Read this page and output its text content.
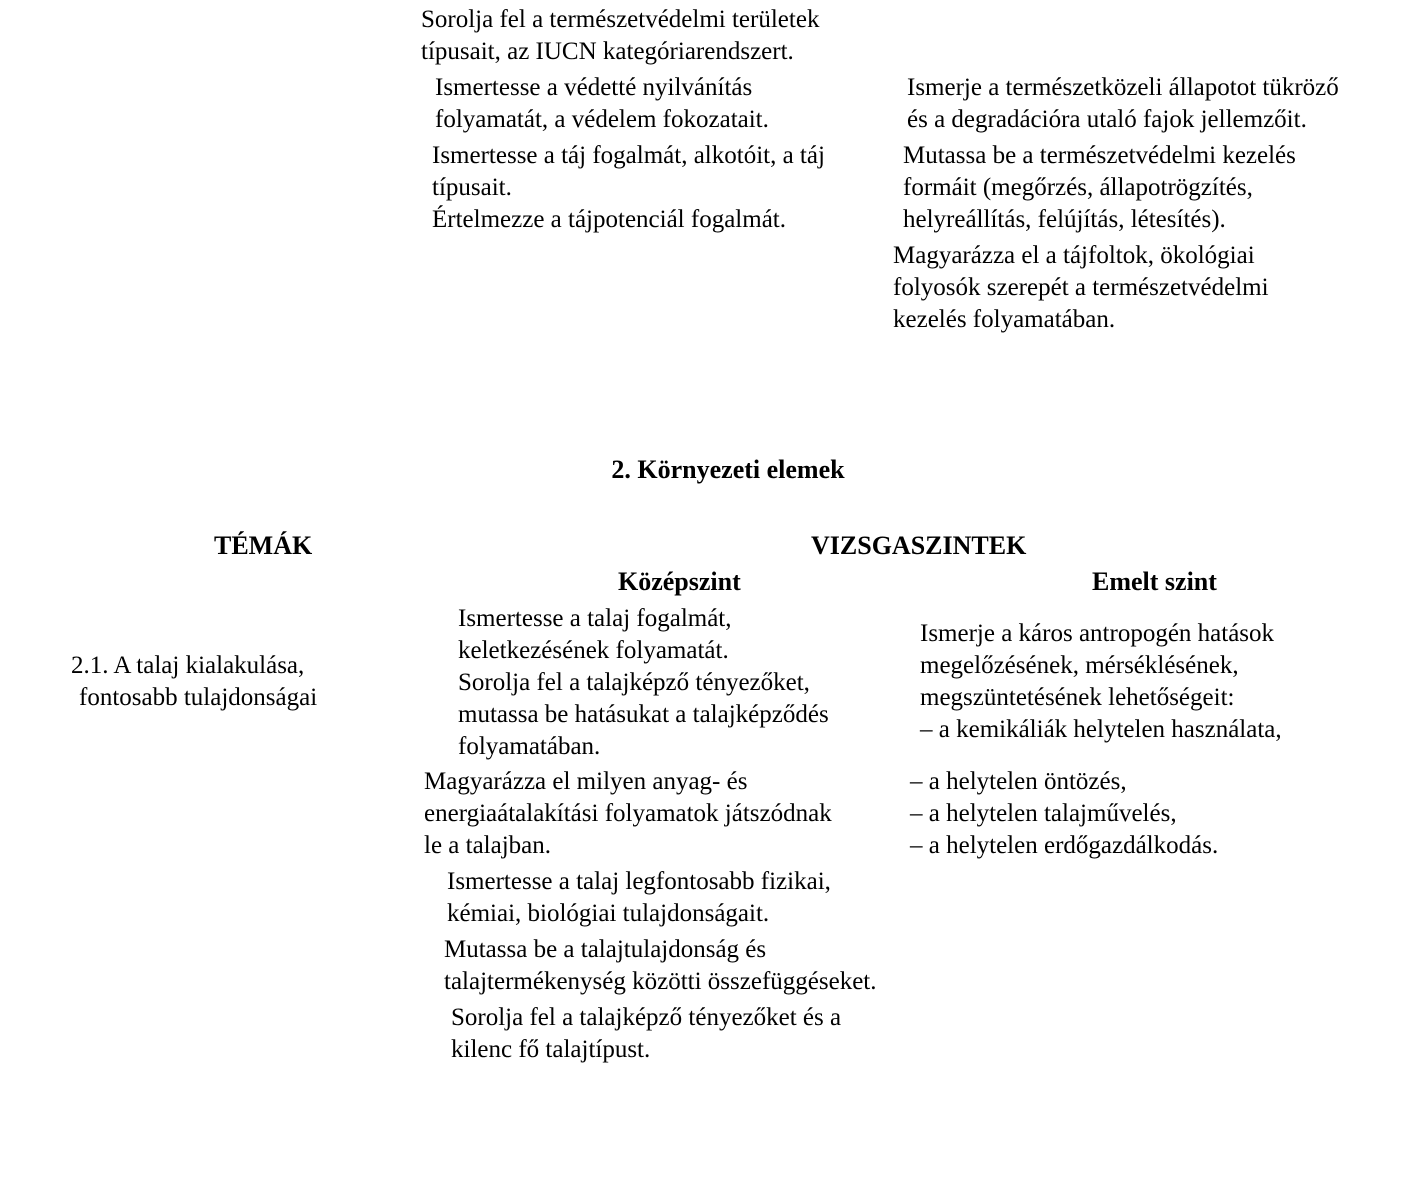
Sorolja fel a természetvédelmi területek
típusait, az IUCN kategóriarendszert.
Ismertesse a védetté nyilvánítás
folyamatát, a védelem fokozatait.
Ismertesse a táj fogalmát, alkotóit, a táj
típusait.
Értelmezze a tájpotenciál fogalmát.
Ismerje a természetközeli állapotot tükröző
és a degradációra utaló fajok jellemzőit.
Mutassa be a természetvédelmi kezelés
formáit (megőrzés, állapotrögzítés,
helyreállítás, felújítás, létesítés).
Magyarázza el a tájfoltok, ökológiai
folyosók szerepét a természetvédelmi
kezelés folyamatában.
2. Környezeti elemek
TÉMÁK	VIZSGASZINTEK
Középszint	Emelt szint
2.1. A talaj kialakulása,
fontosabb tulajdonságai
Ismertesse a talaj fogalmát,
keletkezésének folyamatát.
Sorolja fel a talajképző tényezőket,
mutassa be hatásukat a talajképződés
folyamatában.
Magyarázza el milyen anyag- és
energiaátalakítási folyamatok játszódnak
le a talajban.
Ismertesse a talaj legfontosabb fizikai,
kémiai, biológiai tulajdonságait.
Mutassa be a talajtulajdonság és
talajtermékenység közötti összefüggéseket.
Sorolja fel a talajképző tényezőket és a
kilenc fő talajtípust.
Ismerje a káros antropogén hatások
megelőzésének, mérséklésének,
megszüntetésének lehetőségeit:
– a kemikáliák helytelen használata,
– a helytelen öntözés,
– a helytelen talajművelés,
– a helytelen erdőgazdálkodás.
